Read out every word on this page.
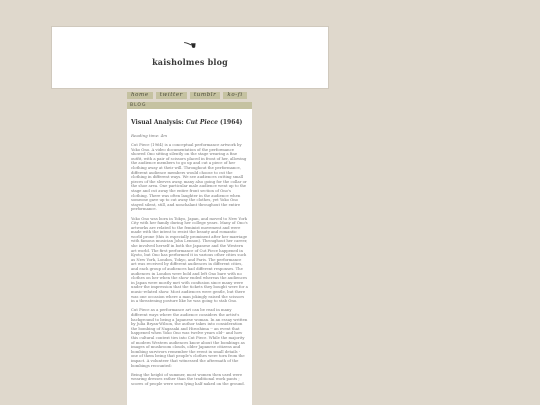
kaisholmes blog
home	twitter	tumblr	ko-fi
BLOG
Visual Analysis: Cut Piece (1964)

Reading time: 4m

Cut Piece (1964) is a conceptual performance artwork by Yoko Ono. A video documentation of the performance showed Ono sitting silently on the stage wearing a fine outfit, with a pair of scissors placed in front of her, allowing the audience members to go up and cut a piece of her clothing away at their will. Throughout the performance, different audience members would choose to cut the clothing in different ways. We see audiences cutting small pieces of the sleeves away, many also going for the collar or the shoe area. One particular male audience went up to the stage and cut away the entire front section of Ono's clothing. There was often laughter in the audience when someone gave up to cut away the clothes, yet Yoko Ono stayed silent, still, and nonchalant throughout the entire performance.

Yoko Ono was born in Tokyo, Japan, and moved to New York City with her family during her college years. Many of Ono's artworks are related to the feminist movement and were made with the intent to resist the beauty and romantic world prone (this is especially prominent after her marriage with famous musician John Lennon). Throughout her career, she involved herself in both the Japanese and the Western art world. The first performance of Cut Piece happened in Kyoto, but Ono has performed it in various other cities such as New York, London, Tokyo, and Paris. The performance art was received by different audiences in different cities, and each group of audiences had different responses. The audiences in London were bold and left Ono bare with no clothes on her when the show ended whereas the audiences in Japan were mostly met with confusion since many were under the impression that the tickets they bought were for a music-related show. Most audiences were gentle, but there was one occasion where a man jokingly raised the scissors in a threatening posture like he was going to stab Ono.

Cut Piece as a performance art can be read in many different ways where the audience considers the artist's background to being a Japanese woman. In an essay written by Julia Bryan-Wilson, the author takes into consideration the bombing of Nagasaki and Hiroshima -- an event that happened when Yoko Ono was twelve years old-- and how this cultural context ties into Cut Piece. While the majority of modern Western audiences know about the bombings as images of mushroom clouds, older Japanese citizens and bombing survivors remember the event in small details - one of them being that people's clothes were torn from the impact. A volunteer that witnessed the aftermath of the bombings recounted:

Being the height of summer, most women then used were wearing dresses rather than the traditional work pants ; scores of people were seen lying half naked on the ground.
